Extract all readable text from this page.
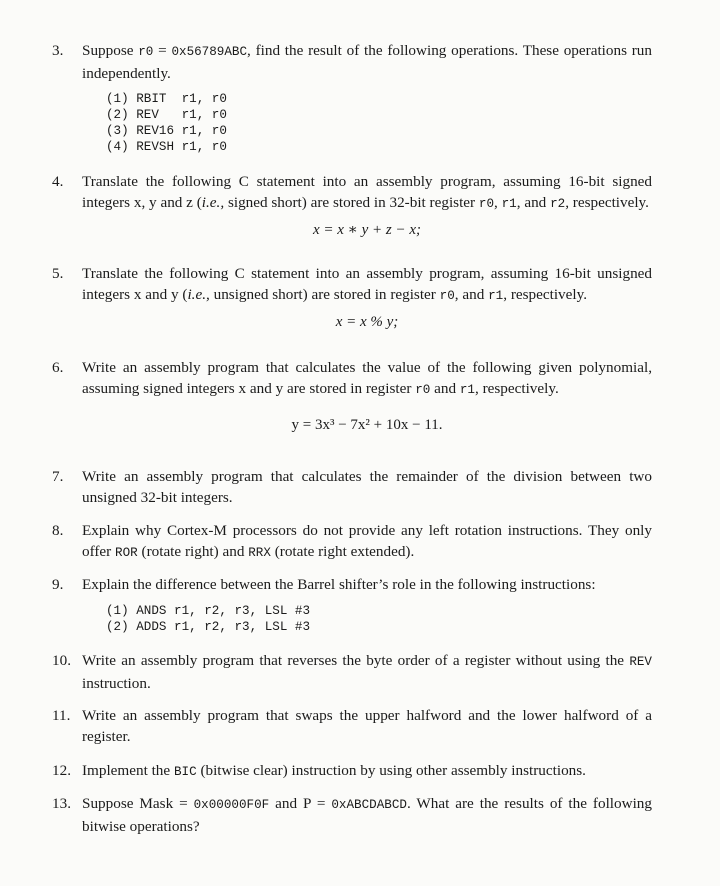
3.	Suppose r0 = 0x56789ABC, find the result of the following operations. These operations run independently.
(1) RBIT  r1, r0
(2) REV   r1, r0
(3) REV16 r1, r0
(4) REVSH r1, r0
4.	Translate the following C statement into an assembly program, assuming 16-bit signed integers x, y and z (i.e., signed short) are stored in 32-bit register r0, r1, and r2, respectively.
x = x ∗ y + z − x;
5.	Translate the following C statement into an assembly program, assuming 16-bit unsigned integers x and y (i.e., unsigned short) are stored in register r0, and r1, respectively.
x = x % y;
6.	Write an assembly program that calculates the value of the following given polynomial, assuming signed integers x and y are stored in register r0 and r1, respectively.
y = 3x³ − 7x² + 10x − 11.
7.	Write an assembly program that calculates the remainder of the division between two unsigned 32-bit integers.
8.	Explain why Cortex-M processors do not provide any left rotation instructions. They only offer ROR (rotate right) and RRX (rotate right extended).
9.	Explain the difference between the Barrel shifter’s role in the following instructions:
(1) ANDS r1, r2, r3, LSL #3
(2) ADDS r1, r2, r3, LSL #3
10. Write an assembly program that reverses the byte order of a register without using the REV instruction.
11. Write an assembly program that swaps the upper halfword and the lower halfword of a register.
12. Implement the BIC (bitwise clear) instruction by using other assembly instructions.
13. Suppose Mask = 0x00000F0F and P = 0xABCDABCD. What are the results of the following bitwise operations?
